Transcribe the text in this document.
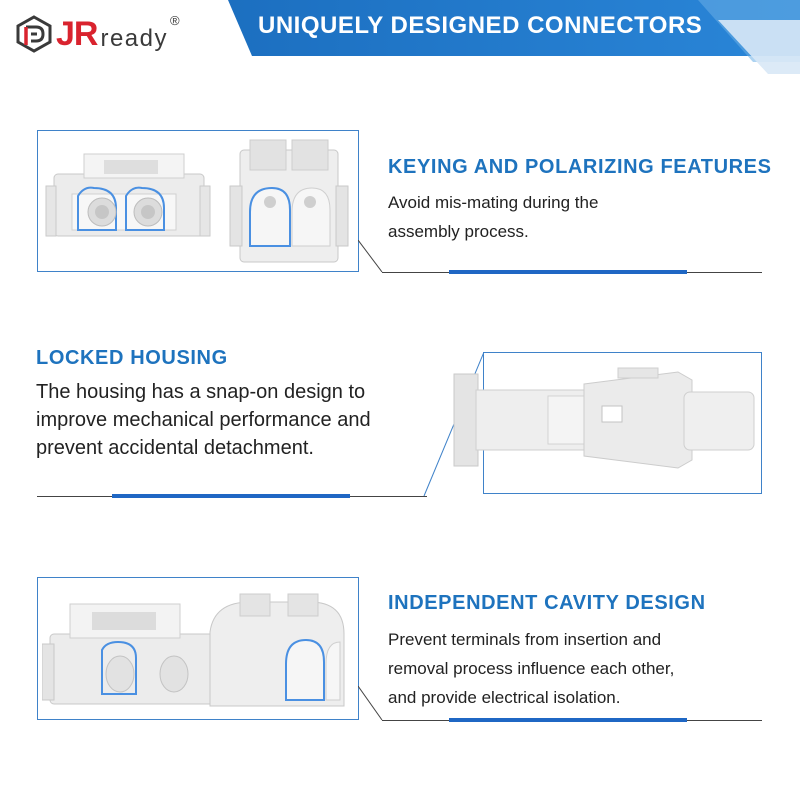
JR ready
®	UNIQUELY DESIGNED CONNECTORS
KEYING AND POLARIZING FEATURES
Avoid mis-mating during the
assembly process.
LOCKED HOUSING
The housing has a snap-on design to
improve mechanical performance and
prevent accidental detachment.
INDEPENDENT CAVITY DESIGN
Prevent terminals from insertion and
removal process influence each other,
and provide electrical isolation.
